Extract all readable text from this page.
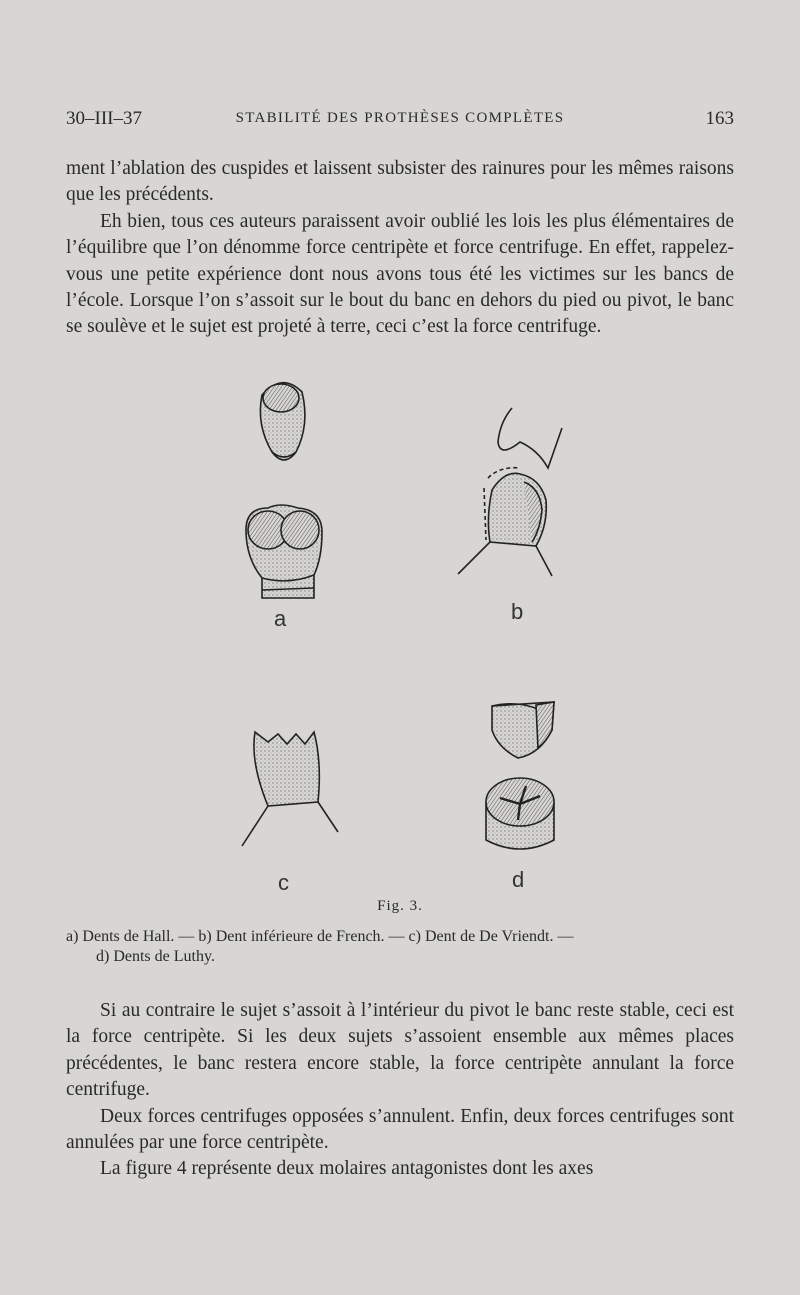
30–III–37	STABILITÉ DES PROTHÈSES COMPLÈTES	163

ment l’ablation des cuspides et laissent subsister des rainures pour les mêmes raisons que les précédents.

Eh bien, tous ces auteurs paraissent avoir oublié les lois les plus élémentaires de l’équilibre que l’on dénomme force centripète et force centrifuge. En effet, rappelez-vous une petite expérience dont nous avons tous été les victimes sur les bancs de l’école. Lorsque l’on s’assoit sur le bout du banc en dehors du pied ou pivot, le banc se soulève et le sujet est projeté à terre, ceci c’est la force centrifuge.

a	b
c	d
Fig. 3.
a) Dents de Hall. — b) Dent inférieure de French. — c) Dent de De Vriendt. —
d) Dents de Luthy.

Si au contraire le sujet s’assoit à l’intérieur du pivot le banc reste stable, ceci est la force centripète. Si les deux sujets s’assoient ensemble aux mêmes places précédentes, le banc restera encore stable, la force centripète annulant la force centrifuge.

Deux forces centrifuges opposées s’annulent. Enfin, deux forces centrifuges sont annulées par une force centripète.

La figure 4 représente deux molaires antagonistes dont les axes
